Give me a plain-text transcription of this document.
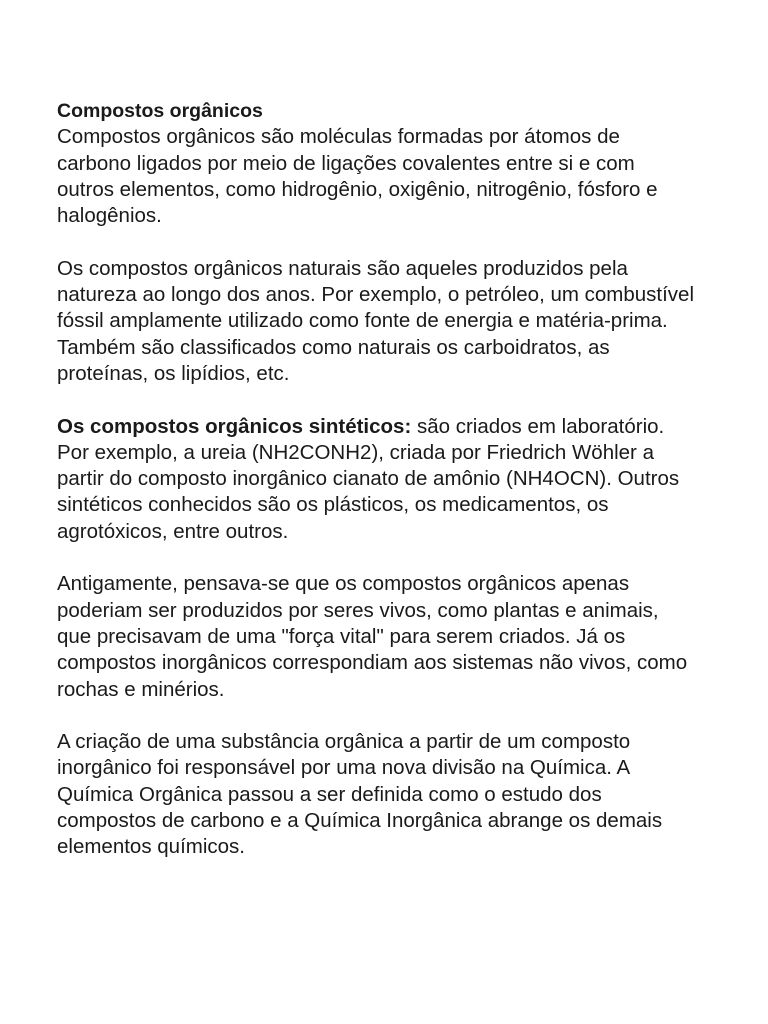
Compostos orgânicos
Compostos orgânicos são moléculas formadas por átomos de carbono ligados por meio de ligações covalentes entre si e com outros elementos, como hidrogênio, oxigênio, nitrogênio, fósforo e halogênios.

Os compostos orgânicos naturais são aqueles produzidos pela natureza ao longo dos anos. Por exemplo, o petróleo, um combustível fóssil amplamente utilizado como fonte de energia e matéria-prima. Também são classificados como naturais os carboidratos, as proteínas, os lipídios, etc.

Os compostos orgânicos sintéticos: são criados em laboratório. Por exemplo, a ureia (NH2CONH2), criada por Friedrich Wöhler a partir do composto inorgânico cianato de amônio (NH4OCN). Outros sintéticos conhecidos são os plásticos, os medicamentos, os agrotóxicos, entre outros.

Antigamente, pensava-se que os compostos orgânicos apenas poderiam ser produzidos por seres vivos, como plantas e animais, que precisavam de uma "força vital" para serem criados. Já os compostos inorgânicos correspondiam aos sistemas não vivos, como rochas e minérios.

A criação de uma substância orgânica a partir de um composto inorgânico foi responsável por uma nova divisão na Química. A Química Orgânica passou a ser definida como o estudo dos compostos de carbono e a Química Inorgânica abrange os demais elementos químicos.
